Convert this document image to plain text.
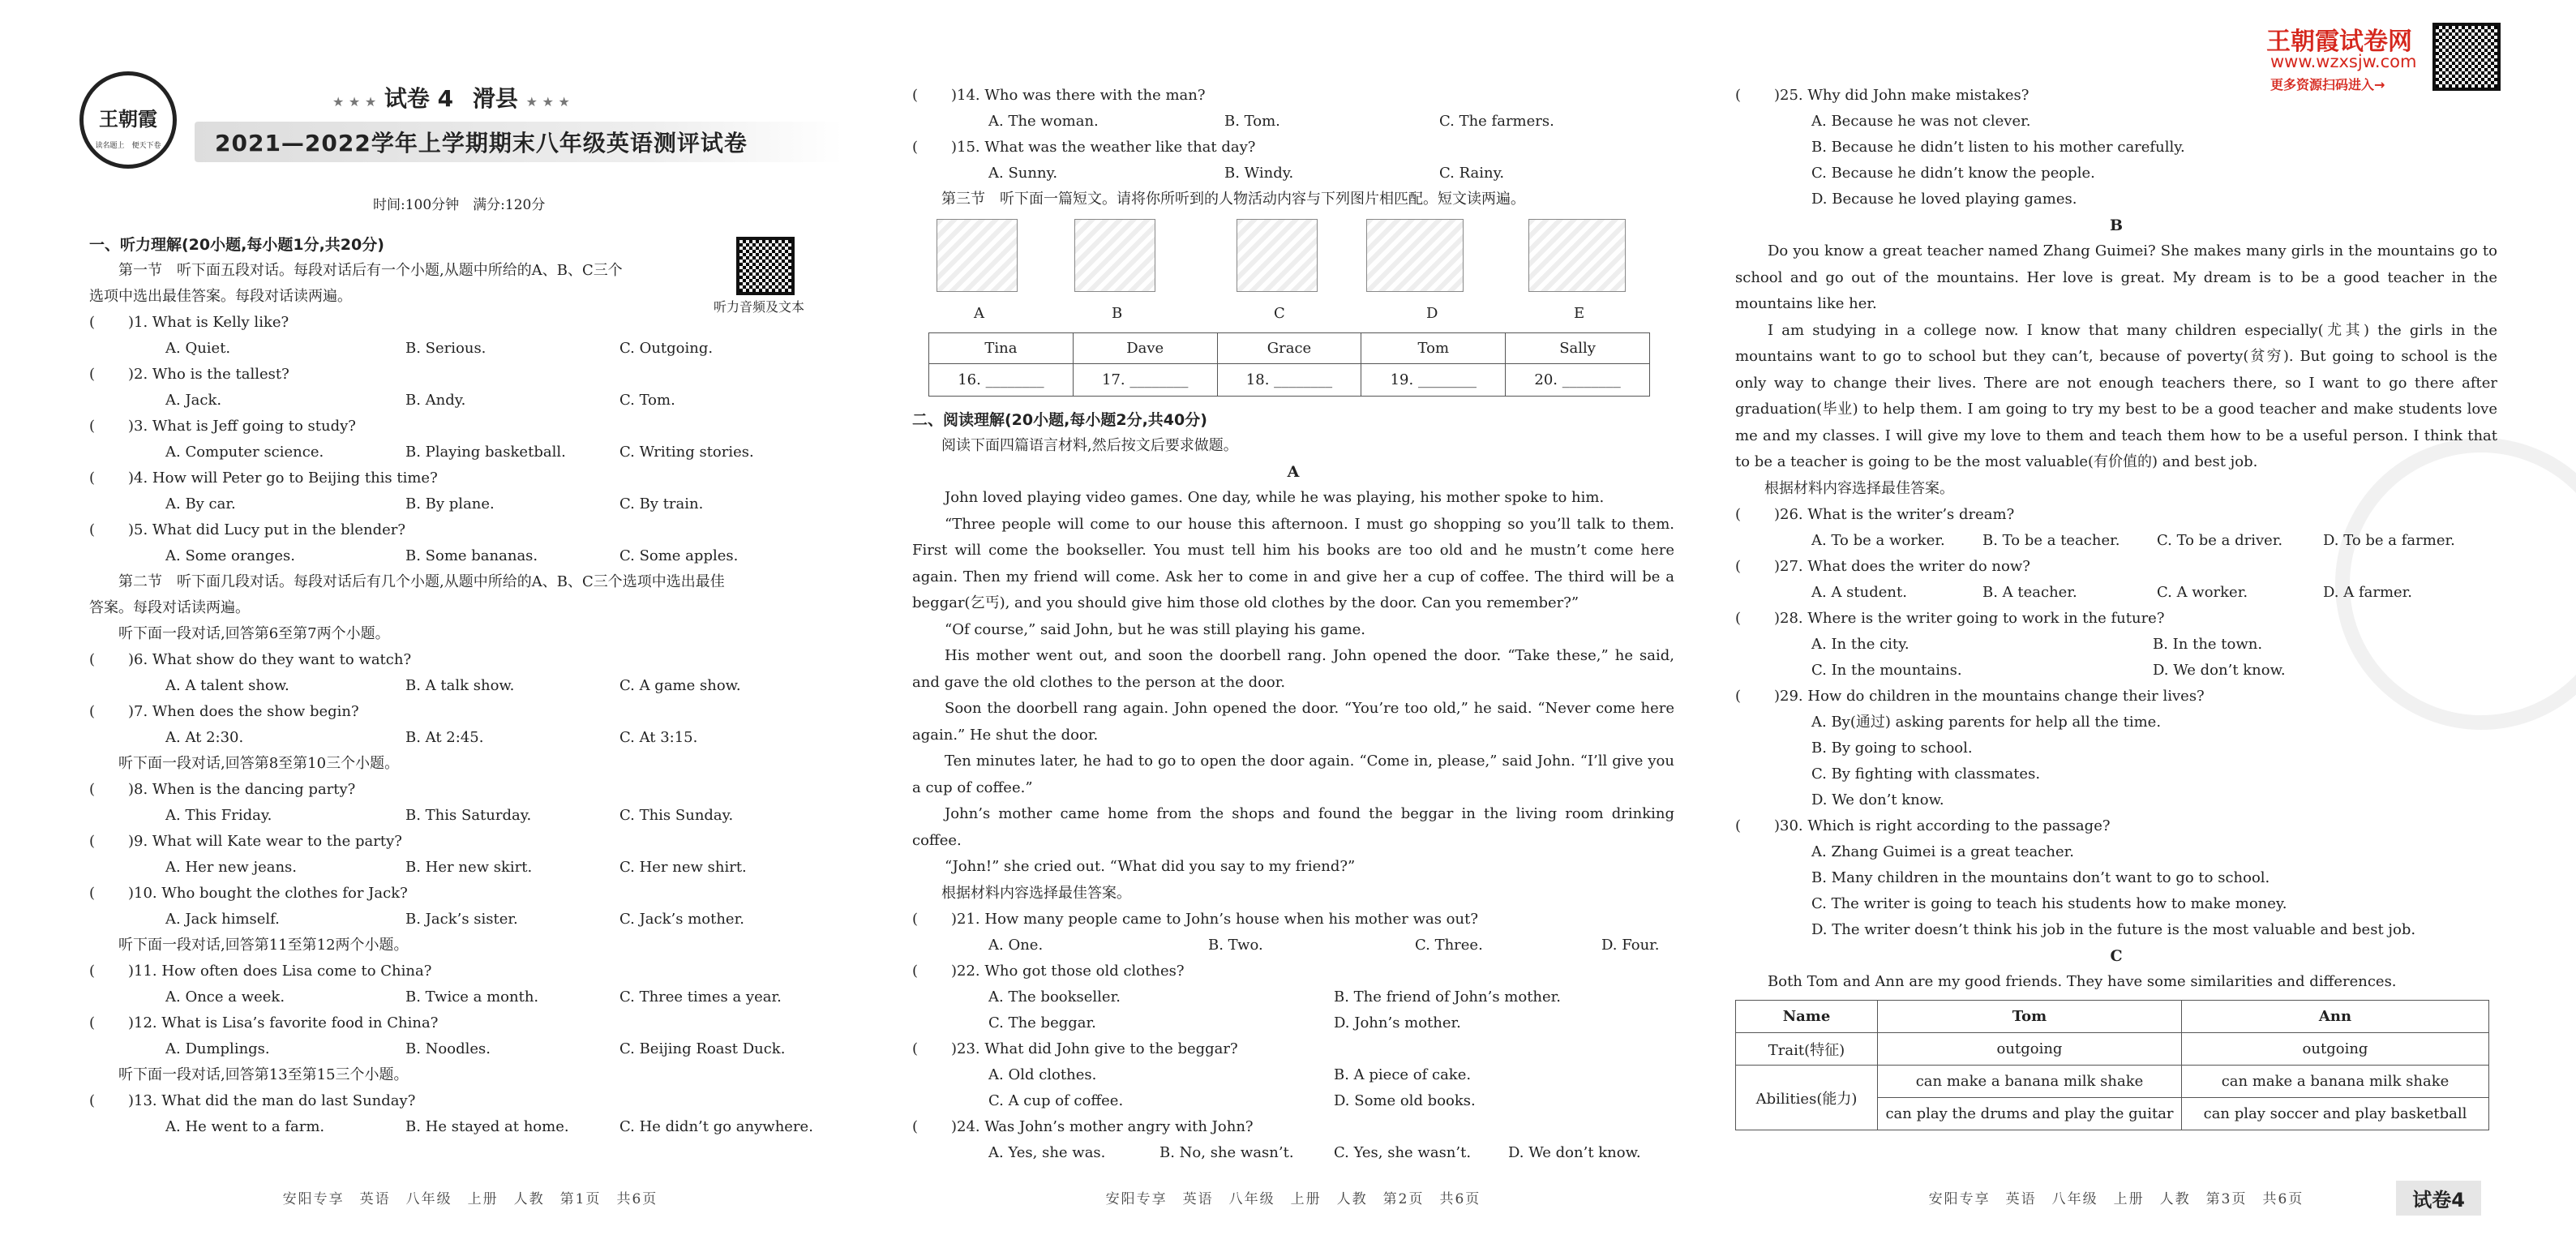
王朝霞
读名题上　便天下卷
★ ★ ★ 试卷 4 滑县 ★ ★ ★
2021—2022学年上学期期末八年级英语测评试卷
时间:100分钟　满分:120分
听力音频及文本
一、听力理解(20小题,每小题1分,共20分)
第一节　听下面五段对话。每段对话后有一个小题,从题中所给的A、B、C三个
选项中选出最佳答案。每段对话读两遍。
( )1. What is Kelly like?
A. Quiet.	B. Serious.	C. Outgoing.
( )2. Who is the tallest?
A. Jack.	B. Andy.	C. Tom.
( )3. What is Jeff going to study?
A. Computer science.	B. Playing basketball.	C. Writing stories.
( )4. How will Peter go to Beijing this time?
A. By car.	B. By plane.	C. By train.
( )5. What did Lucy put in the blender?
A. Some oranges.	B. Some bananas.	C. Some apples.
第二节　听下面几段对话。每段对话后有几个小题,从题中所给的A、B、C三个选项中选出最佳
答案。每段对话读两遍。
听下面一段对话,回答第6至第7两个小题。
( )6. What show do they want to watch?
A. A talent show.	B. A talk show.	C. A game show.
( )7. When does the show begin?
A. At 2:30.	B. At 2:45.	C. At 3:15.
听下面一段对话,回答第8至第10三个小题。
( )8. When is the dancing party?
A. This Friday.	B. This Saturday.	C. This Sunday.
( )9. What will Kate wear to the party?
A. Her new jeans.	B. Her new skirt.	C. Her new shirt.
( )10. Who bought the clothes for Jack?
A. Jack himself.	B. Jack’s sister.	C. Jack’s mother.
听下面一段对话,回答第11至第12两个小题。
( )11. How often does Lisa come to China?
A. Once a week.	B. Twice a month.	C. Three times a year.
( )12. What is Lisa’s favorite food in China?
A. Dumplings.	B. Noodles.	C. Beijing Roast Duck.
听下面一段对话,回答第13至第15三个小题。
( )13. What did the man do last Sunday?
A. He went to a farm.	B. He stayed at home.	C. He didn’t go anywhere.
安阳专享　英语　八年级　上册　人教　第1页　共6页
( )14. Who was there with the man?
A. The woman.	B. Tom.	C. The farmers.
( )15. What was the weather like that day?
A. Sunny.	B. Windy.	C. Rainy.
第三节　听下面一篇短文。请将你所听到的人物活动内容与下列图片相匹配。短文读两遍。
A	B	C	D	E
Tina	Dave	Grace	Tom	Sally
16. ________	17. ________	18. ________	19. ________	20. ________
二、阅读理解(20小题,每小题2分,共40分)
阅读下面四篇语言材料,然后按文后要求做题。
A
John loved playing video games. One day, while he was playing, his mother spoke to him.
“Three people will come to our house this afternoon. I must go shopping so you’ll talk to them. First will come the bookseller. You must tell him his books are too old and he mustn’t come here again. Then my friend will come. Ask her to come in and give her a cup of coffee. The third will be a beggar(乞丐), and you should give him those old clothes by the door. Can you remember?”
“Of course,” said John, but he was still playing his game.
His mother went out, and soon the doorbell rang. John opened the door. “Take these,” he said, and gave the old clothes to the person at the door.
Soon the doorbell rang again. John opened the door. “You’re too old,” he said. “Never come here again.” He shut the door.
Ten minutes later, he had to go to open the door again. “Come in, please,” said John. “I’ll give you a cup of coffee.”
John’s mother came home from the shops and found the beggar in the living room drinking coffee.
“John!” she cried out. “What did you say to my friend?”
根据材料内容选择最佳答案。
( )21. How many people came to John’s house when his mother was out?
A. One.	B. Two.	C. Three.	D. Four.
( )22. Who got those old clothes?
A. The bookseller.	B. The friend of John’s mother.
C. The beggar.	D. John’s mother.
( )23. What did John give to the beggar?
A. Old clothes.	B. A piece of cake.
C. A cup of coffee.	D. Some old books.
( )24. Was John’s mother angry with John?
A. Yes, she was.	B. No, she wasn’t.	C. Yes, she wasn’t.	D. We don’t know.
安阳专享　英语　八年级　上册　人教　第2页　共6页
王朝霞试卷网
www.wzxsjw.com
更多资源扫码进入→
( )25. Why did John make mistakes?
A. Because he was not clever.
B. Because he didn’t listen to his mother carefully.
C. Because he didn’t know the people.
D. Because he loved playing games.
B
Do you know a great teacher named Zhang Guimei? She makes many girls in the mountains go to school and go out of the mountains. Her love is great. My dream is to be a good teacher in the mountains like her.
I am studying in a college now. I know that many children especially(尤其) the girls in the mountains want to go to school but they can’t, because of poverty(贫穷). But going to school is the only way to change their lives. There are not enough teachers there, so I want to go there after graduation(毕业) to help them. I am going to try my best to be a good teacher and make students love me and my classes. I will give my love to them and teach them how to be a useful person. I think that to be a teacher is going to be the most valuable(有价值的) and best job.
根据材料内容选择最佳答案。
( )26. What is the writer’s dream?
A. To be a worker.	B. To be a teacher.	C. To be a driver.	D. To be a farmer.
( )27. What does the writer do now?
A. A student.	B. A teacher.	C. A worker.	D. A farmer.
( )28. Where is the writer going to work in the future?
A. In the city.	B. In the town.
C. In the mountains.	D. We don’t know.
( )29. How do children in the mountains change their lives?
A. By(通过) asking parents for help all the time.
B. By going to school.
C. By fighting with classmates.
D. We don’t know.
( )30. Which is right according to the passage?
A. Zhang Guimei is a great teacher.
B. Many children in the mountains don’t want to go to school.
C. The writer is going to teach his students how to make money.
D. The writer doesn’t think his job in the future is the most valuable and best job.
C
Both Tom and Ann are my good friends. They have some similarities and differences.
Name	Tom	Ann
Trait(特征)	outgoing	outgoing
Abilities(能力)	can make a banana milk shake	can make a banana milk shake
	can play the drums and play the guitar	can play soccer and play basketball
安阳专享　英语　八年级　上册　人教　第3页　共6页	试卷4
